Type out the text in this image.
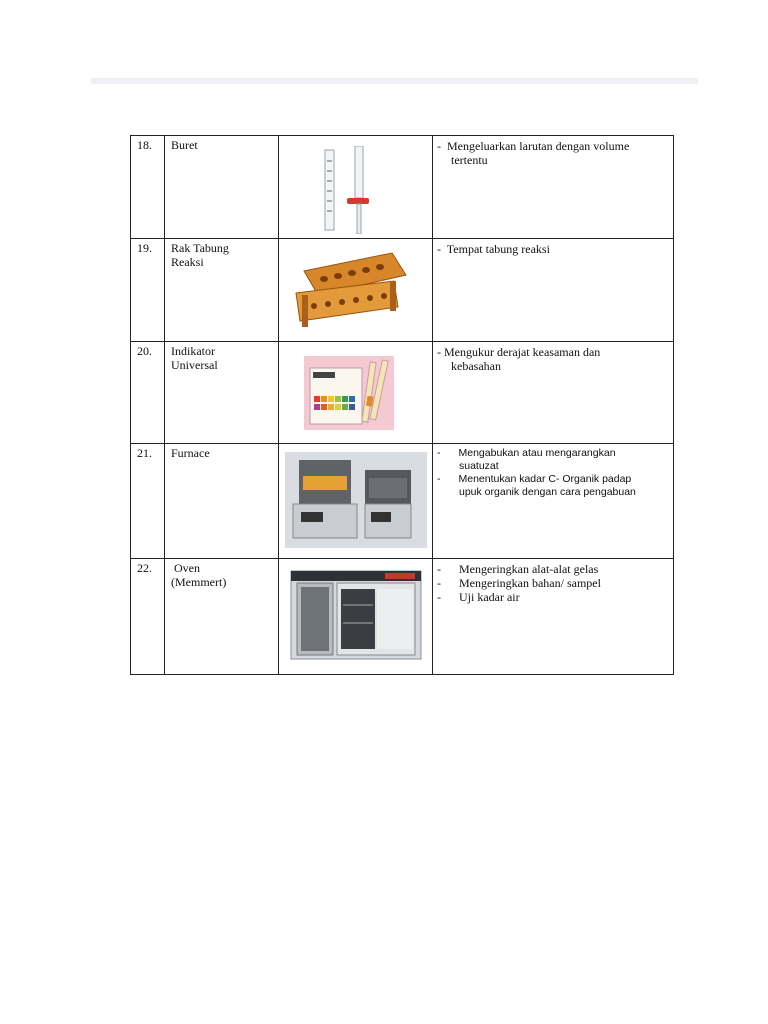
18.	Buret		- Mengeluarkan larutan dengan volume
tertentu

19.	Rak Tabung
Reaksi		- Tempat tabung reaksi

20.	Indikator
Universal		- Mengukur derajat keasaman dan
kebasahan

21.	Furnace		- Mengabukan atau mengarangkan
suatuzat
- Menentukan kadar C- Organik padap
upuk organik dengan cara pengabuan

22.	Oven
(Memmert)		- Mengeringkan alat-alat gelas
- Mengeringkan bahan/ sampel
- Uji kadar air
